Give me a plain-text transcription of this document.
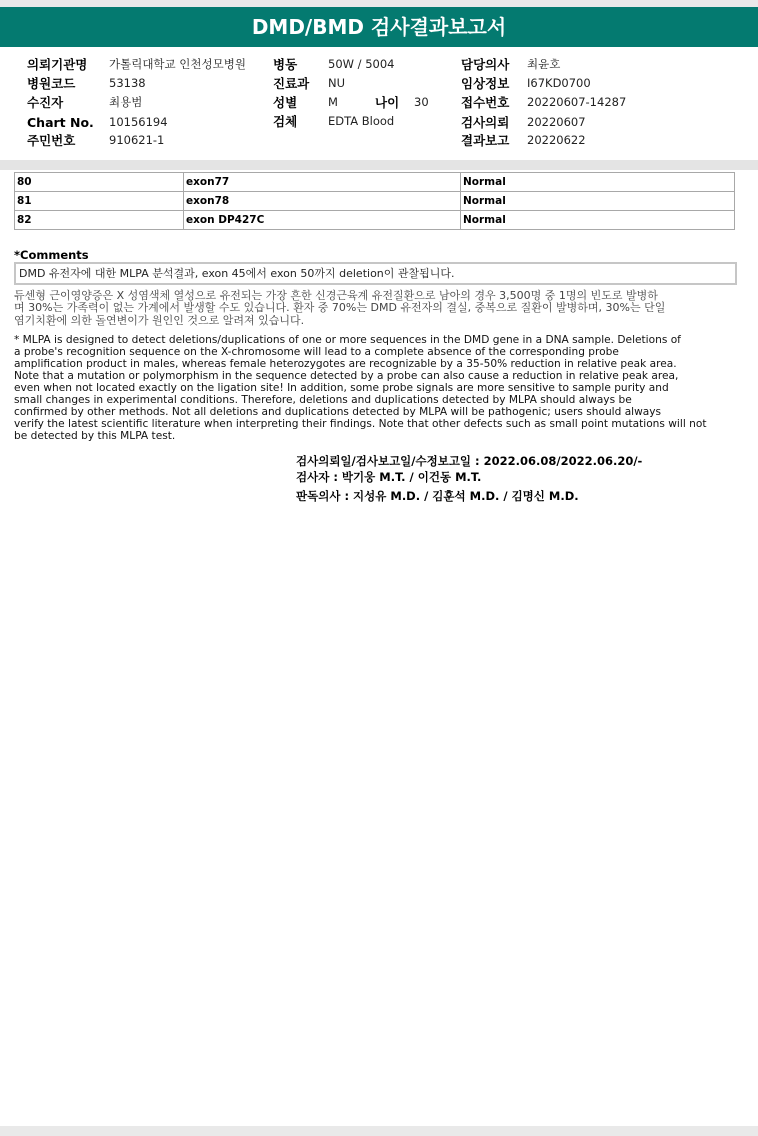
DMD/BMD 검사결과보고서
의뢰기관명 가톨릭대학교 인천성모병원
병원코드	53138
수진자	최용범
Chart No. 10156194
주민번호	910621-1
병동	50W / 5004
진료과 NU
성별	M	나이 30
검체	EDTA Blood
담당의사 최윤호
임상정보 I67KD0700
접수번호 20220607-14287
검사의뢰 20220607
결과보고 20220622
80	exon77	Normal
81	exon78	Normal
82	exon DP427C	Normal
*Comments
DMD 유전자에 대한 MLPA 분석결과, exon 45에서 exon 50까지 deletion이 관찰됩니다.
듀센형 근이영양증은 X 성염색체 열성으로 유전되는 가장 흔한 신경근육계 유전질환으로 남아의 경우 3,500명 중 1명의 빈도로 발병하
며 30%는 가족력이 없는 가계에서 발생할 수도 있습니다. 환자 중 70%는 DMD 유전자의 결실, 중복으로 질환이 발병하며, 30%는 단일
염기치환에 의한 돌연변이가 원인인 것으로 알려져 있습니다.
* MLPA is designed to detect deletions/duplications of one or more sequences in the DMD gene in a DNA sample. Deletions of
a probe's recognition sequence on the X-chromosome will lead to a complete absence of the corresponding probe
amplification product in males, whereas female heterozygotes are recognizable by a 35-50% reduction in relative peak area.
Note that a mutation or polymorphism in the sequence detected by a probe can also cause a reduction in relative peak area,
even when not located exactly on the ligation site! In addition, some probe signals are more sensitive to sample purity and
small changes in experimental conditions. Therefore, deletions and duplications detected by MLPA should always be
confirmed by other methods. Not all deletions and duplications detected by MLPA will be pathogenic; users should always
verify the latest scientific literature when interpreting their findings. Note that other defects such as small point mutations will not
be detected by this MLPA test.
검사의뢰일/검사보고일/수정보고일 : 2022.06.08/2022.06.20/-
검사자 : 박기웅 M.T. / 이건동 M.T.
판독의사 : 지성유 M.D. / 김훈석 M.D. / 김명신 M.D.
